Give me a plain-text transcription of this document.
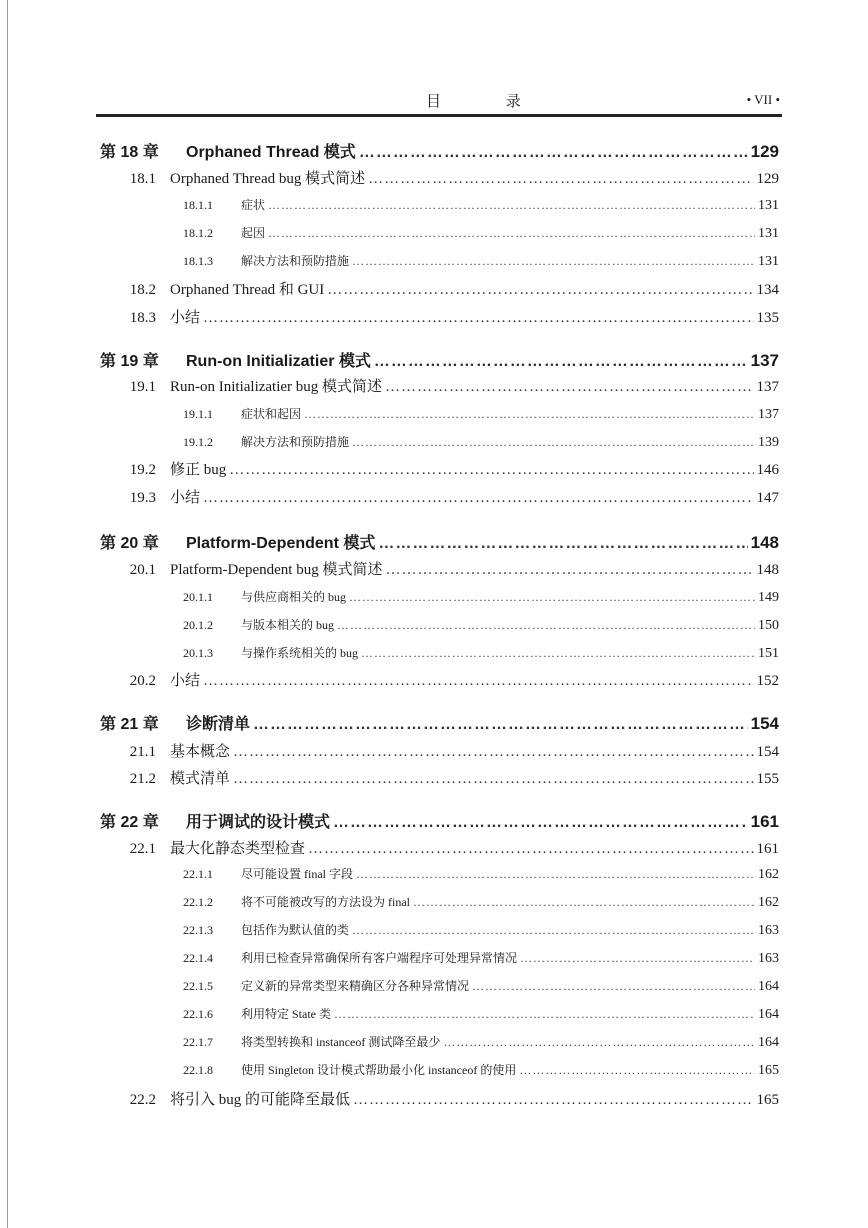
目 录	• VII •
第 18 章	Orphaned Thread 模式 ………………………………………………………………………………………………………………………………………………………………………………………………………………………………………	129
18.1 Orphaned Thread bug 模式简述 ………………………………………………………………………………………………………………………………………………………………………………………………………………………………………	129
18.1.1	症状 ………………………………………………………………………………………………………………………………………………………………………………………………………………………………………	131
18.1.2	起因 ………………………………………………………………………………………………………………………………………………………………………………………………………………………………………	131
18.1.3	解决方法和预防措施 ………………………………………………………………………………………………………………………………………………………………………………………………………………………………………	131
18.2 Orphaned Thread 和 GUI ………………………………………………………………………………………………………………………………………………………………………………………………………………………………………	134
18.3 小结 ………………………………………………………………………………………………………………………………………………………………………………………………………………………………………	135
第 19 章	Run-on Initializatier 模式 ………………………………………………………………………………………………………………………………………………………………………………………………………………………………………	137
19.1 Run-on Initializatier bug 模式简述 ………………………………………………………………………………………………………………………………………………………………………………………………………………………………………	137
19.1.1	症状和起因 ………………………………………………………………………………………………………………………………………………………………………………………………………………………………………	137
19.1.2	解决方法和预防措施 ………………………………………………………………………………………………………………………………………………………………………………………………………………………………………	139
19.2 修正 bug ………………………………………………………………………………………………………………………………………………………………………………………………………………………………………	146
19.3 小结 ………………………………………………………………………………………………………………………………………………………………………………………………………………………………………	147
第 20 章	Platform-Dependent 模式 ………………………………………………………………………………………………………………………………………………………………………………………………………………………………………	148
20.1 Platform-Dependent bug 模式简述 ………………………………………………………………………………………………………………………………………………………………………………………………………………………………………	148
20.1.1	与供应商相关的 bug ………………………………………………………………………………………………………………………………………………………………………………………………………………………………………	149
20.1.2	与版本相关的 bug ………………………………………………………………………………………………………………………………………………………………………………………………………………………………………	150
20.1.3	与操作系统相关的 bug ………………………………………………………………………………………………………………………………………………………………………………………………………………………………………	151
20.2 小结 ………………………………………………………………………………………………………………………………………………………………………………………………………………………………………	152
第 21 章	诊断清单 ………………………………………………………………………………………………………………………………………………………………………………………………………………………………………	154
21.1 基本概念 ………………………………………………………………………………………………………………………………………………………………………………………………………………………………………	154
21.2 模式清单 ………………………………………………………………………………………………………………………………………………………………………………………………………………………………………	155
第 22 章	用于调试的设计模式 ………………………………………………………………………………………………………………………………………………………………………………………………………………………………………	161
22.1 最大化静态类型检查 ………………………………………………………………………………………………………………………………………………………………………………………………………………………………………	161
22.1.1	尽可能设置 final 字段 ………………………………………………………………………………………………………………………………………………………………………………………………………………………………………	162
22.1.2	将不可能被改写的方法设为 final ………………………………………………………………………………………………………………………………………………………………………………………………………………………………………	162
22.1.3	包括作为默认值的类 ………………………………………………………………………………………………………………………………………………………………………………………………………………………………………	163
22.1.4	利用已检查异常确保所有客户端程序可处理异常情况 ………………………………………………………………………………………………………………………………………………………………………………………………………………………………………	163
22.1.5	定义新的异常类型来精确区分各种异常情况 ………………………………………………………………………………………………………………………………………………………………………………………………………………………………………	164
22.1.6	利用特定 State 类 ………………………………………………………………………………………………………………………………………………………………………………………………………………………………………	164
22.1.7	将类型转换和 instanceof 测试降至最少 ………………………………………………………………………………………………………………………………………………………………………………………………………………………………………	164
22.1.8	使用 Singleton 设计模式帮助最小化 instanceof 的使用 ………………………………………………………………………………………………………………………………………………………………………………………………………………………………………	165
22.2 将引入 bug 的可能降至最低 ………………………………………………………………………………………………………………………………………………………………………………………………………………………………………	165
